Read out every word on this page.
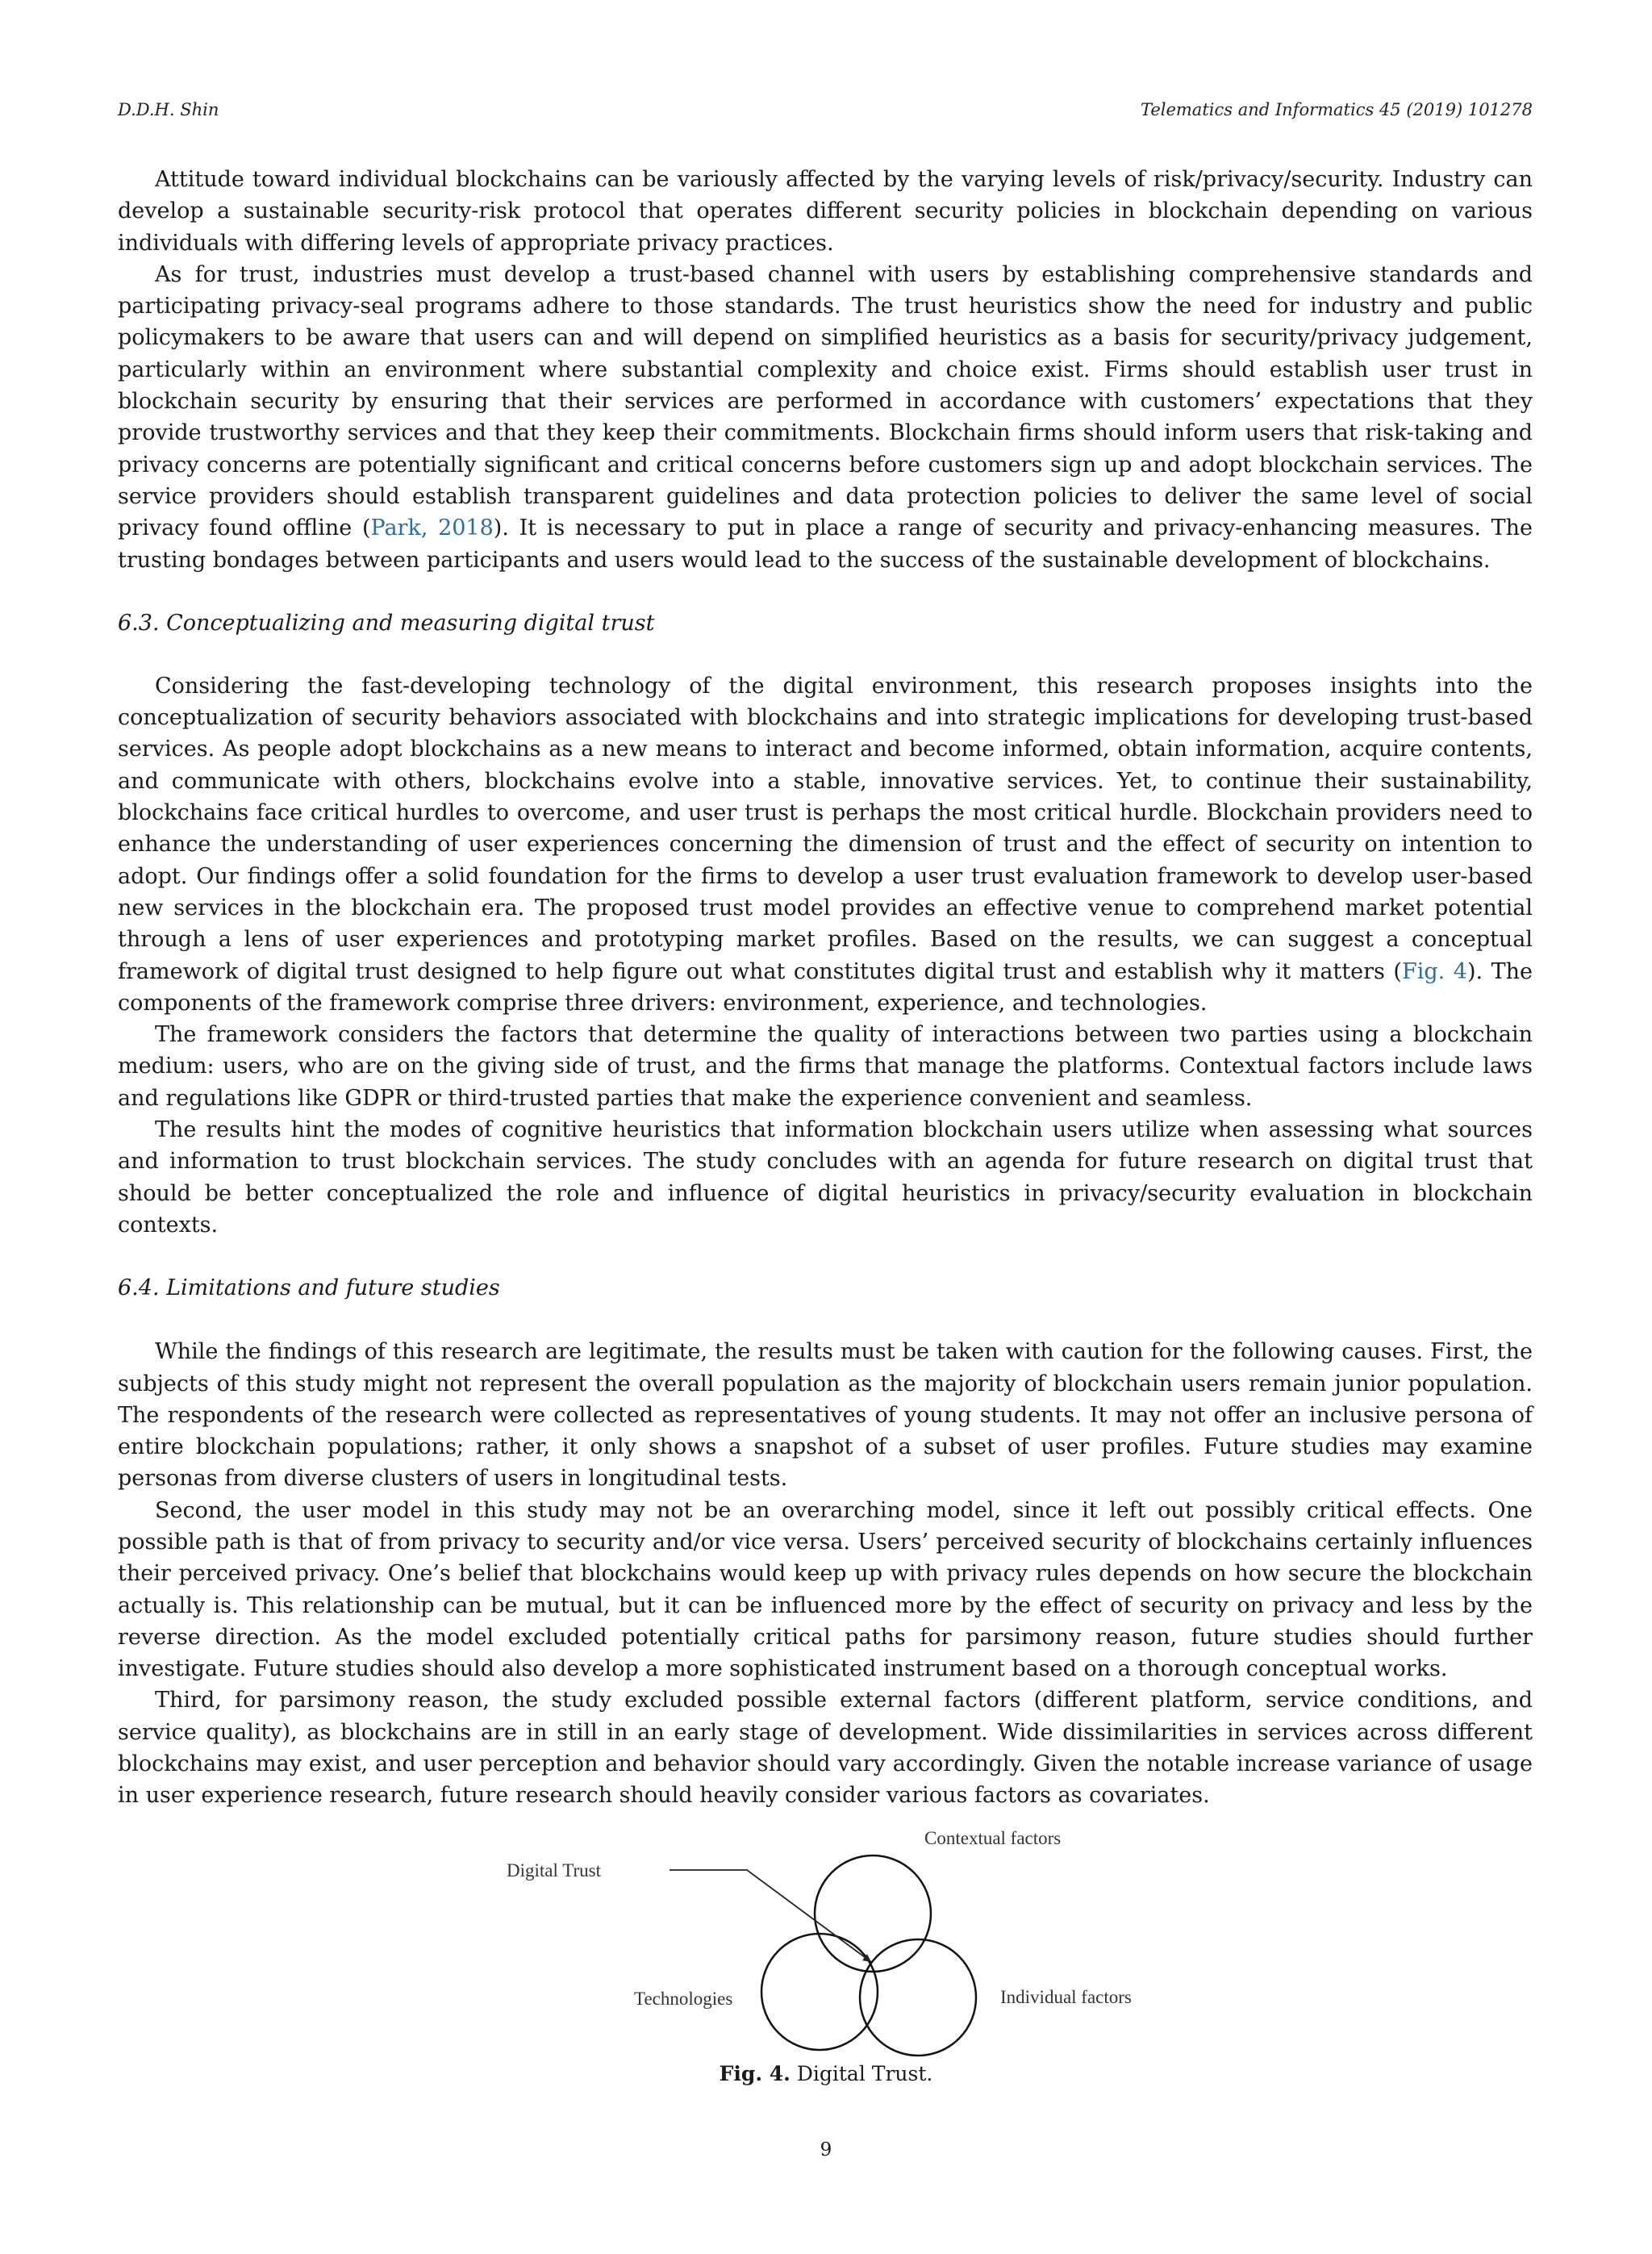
D.D.H. Shin	Telematics and Informatics 45 (2019) 101278

Attitude toward individual blockchains can be variously affected by the varying levels of risk/privacy/security. Industry can develop a sustainable security-risk protocol that operates different security policies in blockchain depending on various individuals with differing levels of appropriate privacy practices.

As for trust, industries must develop a trust-based channel with users by establishing comprehensive standards and participating privacy-seal programs adhere to those standards. The trust heuristics show the need for industry and public policymakers to be aware that users can and will depend on simplified heuristics as a basis for security/privacy judgement, particularly within an environment where substantial complexity and choice exist. Firms should establish user trust in blockchain security by ensuring that their services are performed in accordance with customers’ expectations that they provide trustworthy services and that they keep their commitments. Blockchain firms should inform users that risk-taking and privacy concerns are potentially significant and critical concerns before customers sign up and adopt blockchain services. The service providers should establish transparent guidelines and data protection policies to deliver the same level of social privacy found offline (Park, 2018). It is necessary to put in place a range of security and privacy-enhancing measures. The trusting bondages between participants and users would lead to the success of the sustainable development of blockchains.

6.3. Conceptualizing and measuring digital trust

Considering the fast-developing technology of the digital environment, this research proposes insights into the conceptualization of security behaviors associated with blockchains and into strategic implications for developing trust-based services. As people adopt blockchains as a new means to interact and become informed, obtain information, acquire contents, and communicate with others, blockchains evolve into a stable, innovative services. Yet, to continue their sustainability, blockchains face critical hurdles to overcome, and user trust is perhaps the most critical hurdle. Blockchain providers need to enhance the understanding of user experiences concerning the dimension of trust and the effect of security on intention to adopt. Our findings offer a solid foundation for the firms to develop a user trust evaluation framework to develop user-based new services in the blockchain era. The proposed trust model provides an effective venue to comprehend market potential through a lens of user experiences and prototyping market profiles. Based on the results, we can suggest a conceptual framework of digital trust designed to help figure out what constitutes digital trust and establish why it matters (Fig. 4). The components of the framework comprise three drivers: environment, experience, and technologies.

The framework considers the factors that determine the quality of interactions between two parties using a blockchain medium: users, who are on the giving side of trust, and the firms that manage the platforms. Contextual factors include laws and regulations like GDPR or third-trusted parties that make the experience convenient and seamless.

The results hint the modes of cognitive heuristics that information blockchain users utilize when assessing what sources and information to trust blockchain services. The study concludes with an agenda for future research on digital trust that should be better conceptualized the role and influence of digital heuristics in privacy/security evaluation in blockchain contexts.

6.4. Limitations and future studies

While the findings of this research are legitimate, the results must be taken with caution for the following causes. First, the subjects of this study might not represent the overall population as the majority of blockchain users remain junior population. The respondents of the research were collected as representatives of young students. It may not offer an inclusive persona of entire blockchain populations; rather, it only shows a snapshot of a subset of user profiles. Future studies may examine personas from diverse clusters of users in longitudinal tests.

Second, the user model in this study may not be an overarching model, since it left out possibly critical effects. One possible path is that of from privacy to security and/or vice versa. Users’ perceived security of blockchains certainly influences their perceived privacy. One’s belief that blockchains would keep up with privacy rules depends on how secure the blockchain actually is. This relationship can be mutual, but it can be influenced more by the effect of security on privacy and less by the reverse direction. As the model excluded potentially critical paths for parsimony reason, future studies should further investigate. Future studies should also develop a more sophisticated instrument based on a thorough conceptual works.

Third, for parsimony reason, the study excluded possible external factors (different platform, service conditions, and service quality), as blockchains are in still in an early stage of development. Wide dissimilarities in services across different blockchains may exist, and user perception and behavior should vary accordingly. Given the notable increase variance of usage in user experience research, future research should heavily consider various factors as covariates.

Digital Trust
Contextual factors
Technologies	Individual factors
Fig. 4. Digital Trust.
9
